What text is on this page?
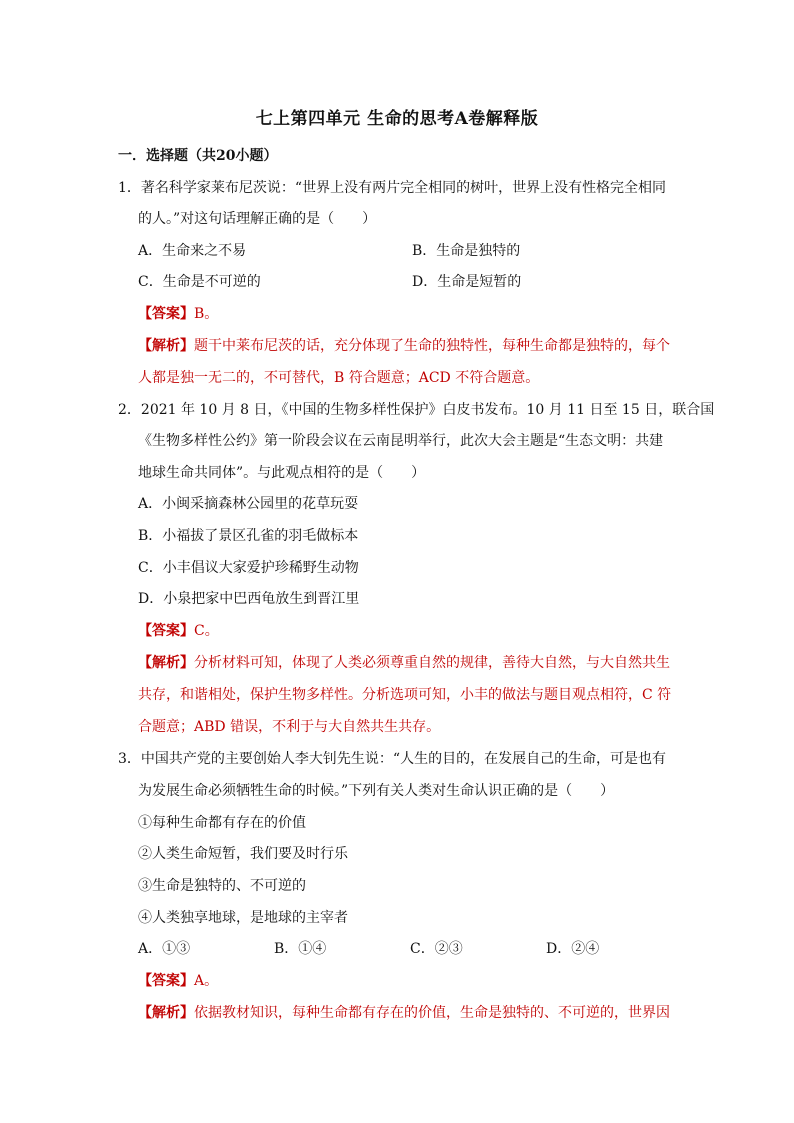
七上第四单元 生命的思考A卷解释版
一．选择题（共20小题）
1．著名科学家莱布尼茨说：“世界上没有两片完全相同的树叶，世界上没有性格完全相同
的人。”对这句话理解正确的是（　　）
A．生命来之不易	B．生命是独特的
C．生命是不可逆的	D．生命是短暂的
【答案】B。
【解析】题干中莱布尼茨的话，充分体现了生命的独特性，每种生命都是独特的，每个
人都是独一无二的，不可替代，B 符合题意；ACD 不符合题意。
2．2021 年 10 月 8 日，《中国的生物多样性保护》白皮书发布。10 月 11 日至 15 日，联合国
《生物多样性公约》第一阶段会议在云南昆明举行，此次大会主题是“生态文明：共建
地球生命共同体”。与此观点相符的是（　　）
A．小闽采摘森林公园里的花草玩耍
B．小福拔了景区孔雀的羽毛做标本
C．小丰倡议大家爱护珍稀野生动物
D．小泉把家中巴西龟放生到晋江里
【答案】C。
【解析】分析材料可知，体现了人类必须尊重自然的规律，善待大自然，与大自然共生
共存，和谐相处，保护生物多样性。分析选项可知，小丰的做法与题目观点相符，C 符
合题意；ABD 错误，不利于与大自然共生共存。
3．中国共产党的主要创始人李大钊先生说：“人生的目的，在发展自己的生命，可是也有
为发展生命必须牺牲生命的时候。”下列有关人类对生命认识正确的是（　　）
①每种生命都有存在的价值
②人类生命短暂，我们要及时行乐
③生命是独特的、不可逆的
④人类独享地球，是地球的主宰者
A．①③	B．①④	C．②③	D．②④
【答案】A。
【解析】依据教材知识，每种生命都有存在的价值，生命是独特的、不可逆的，世界因
